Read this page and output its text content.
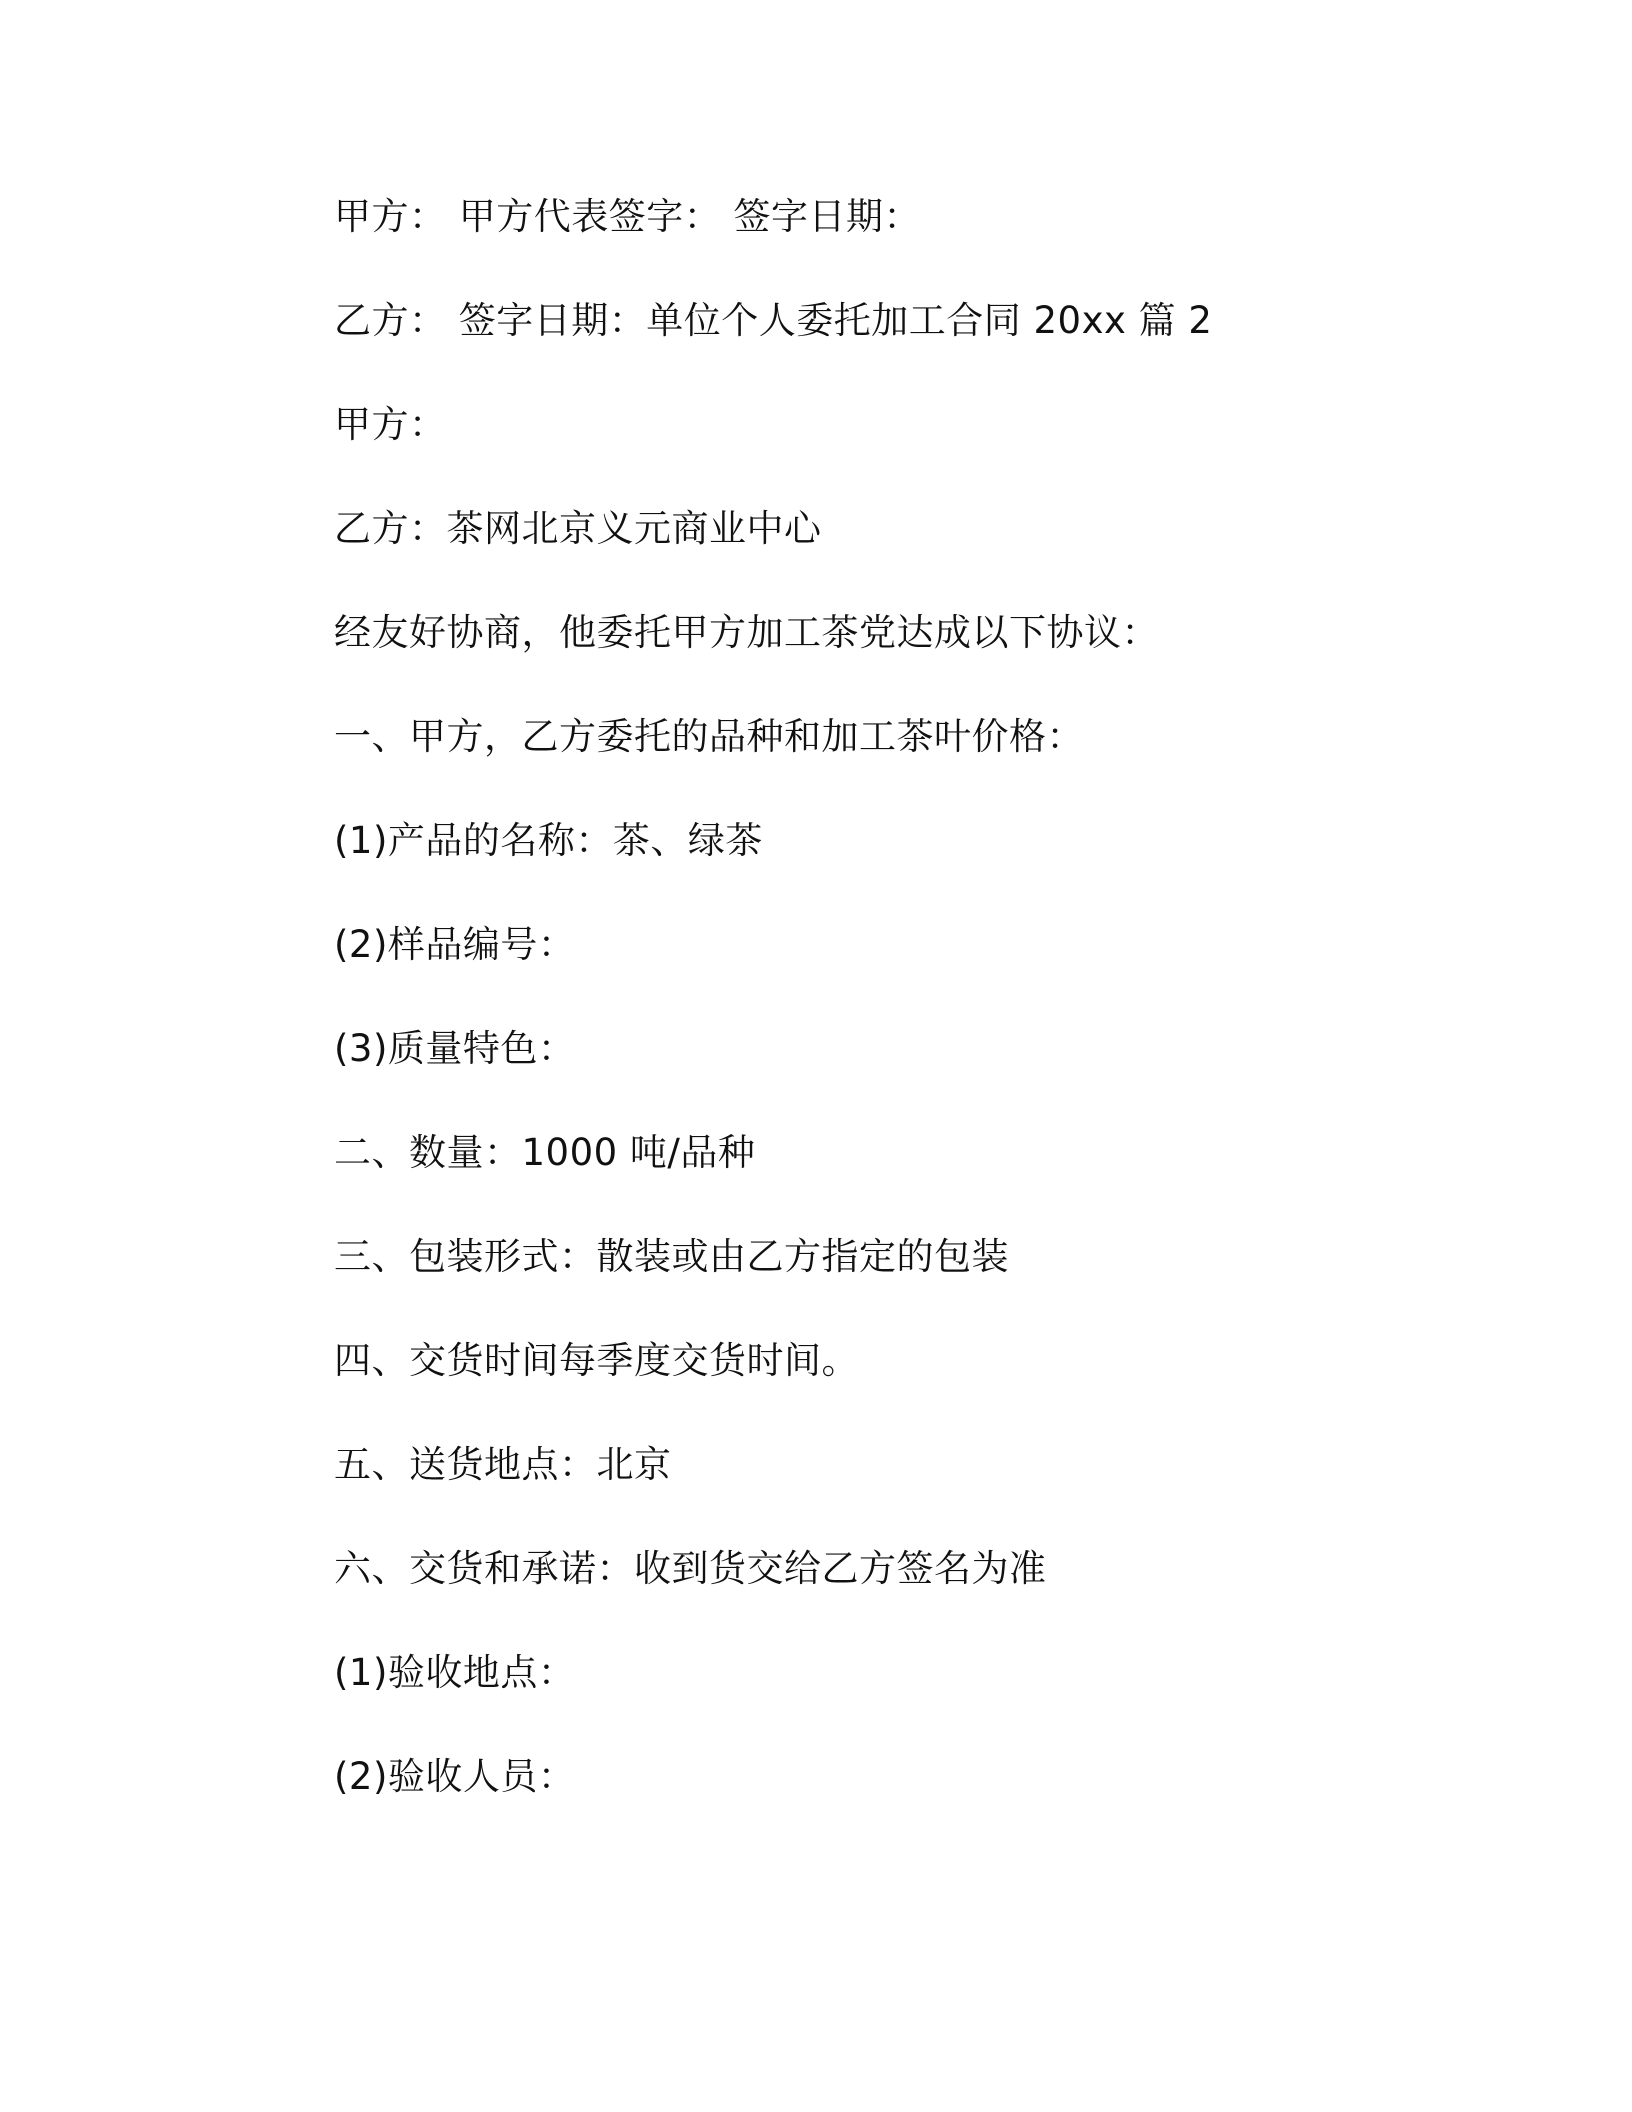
甲方： 甲方代表签字： 签字日期：
乙方： 签字日期：单位个人委托加工合同 20xx 篇 2
甲方：
乙方：茶网北京义元商业中心
经友好协商，他委托甲方加工茶党达成以下协议：
一、甲方，乙方委托的品种和加工茶叶价格：
(1)产品的名称：茶、绿茶
(2)样品编号：
(3)质量特色：
二、数量：1000 吨/品种
三、包装形式：散装或由乙方指定的包装
四、交货时间每季度交货时间。
五、送货地点：北京
六、交货和承诺：收到货交给乙方签名为准
(1)验收地点：
(2)验收人员：
